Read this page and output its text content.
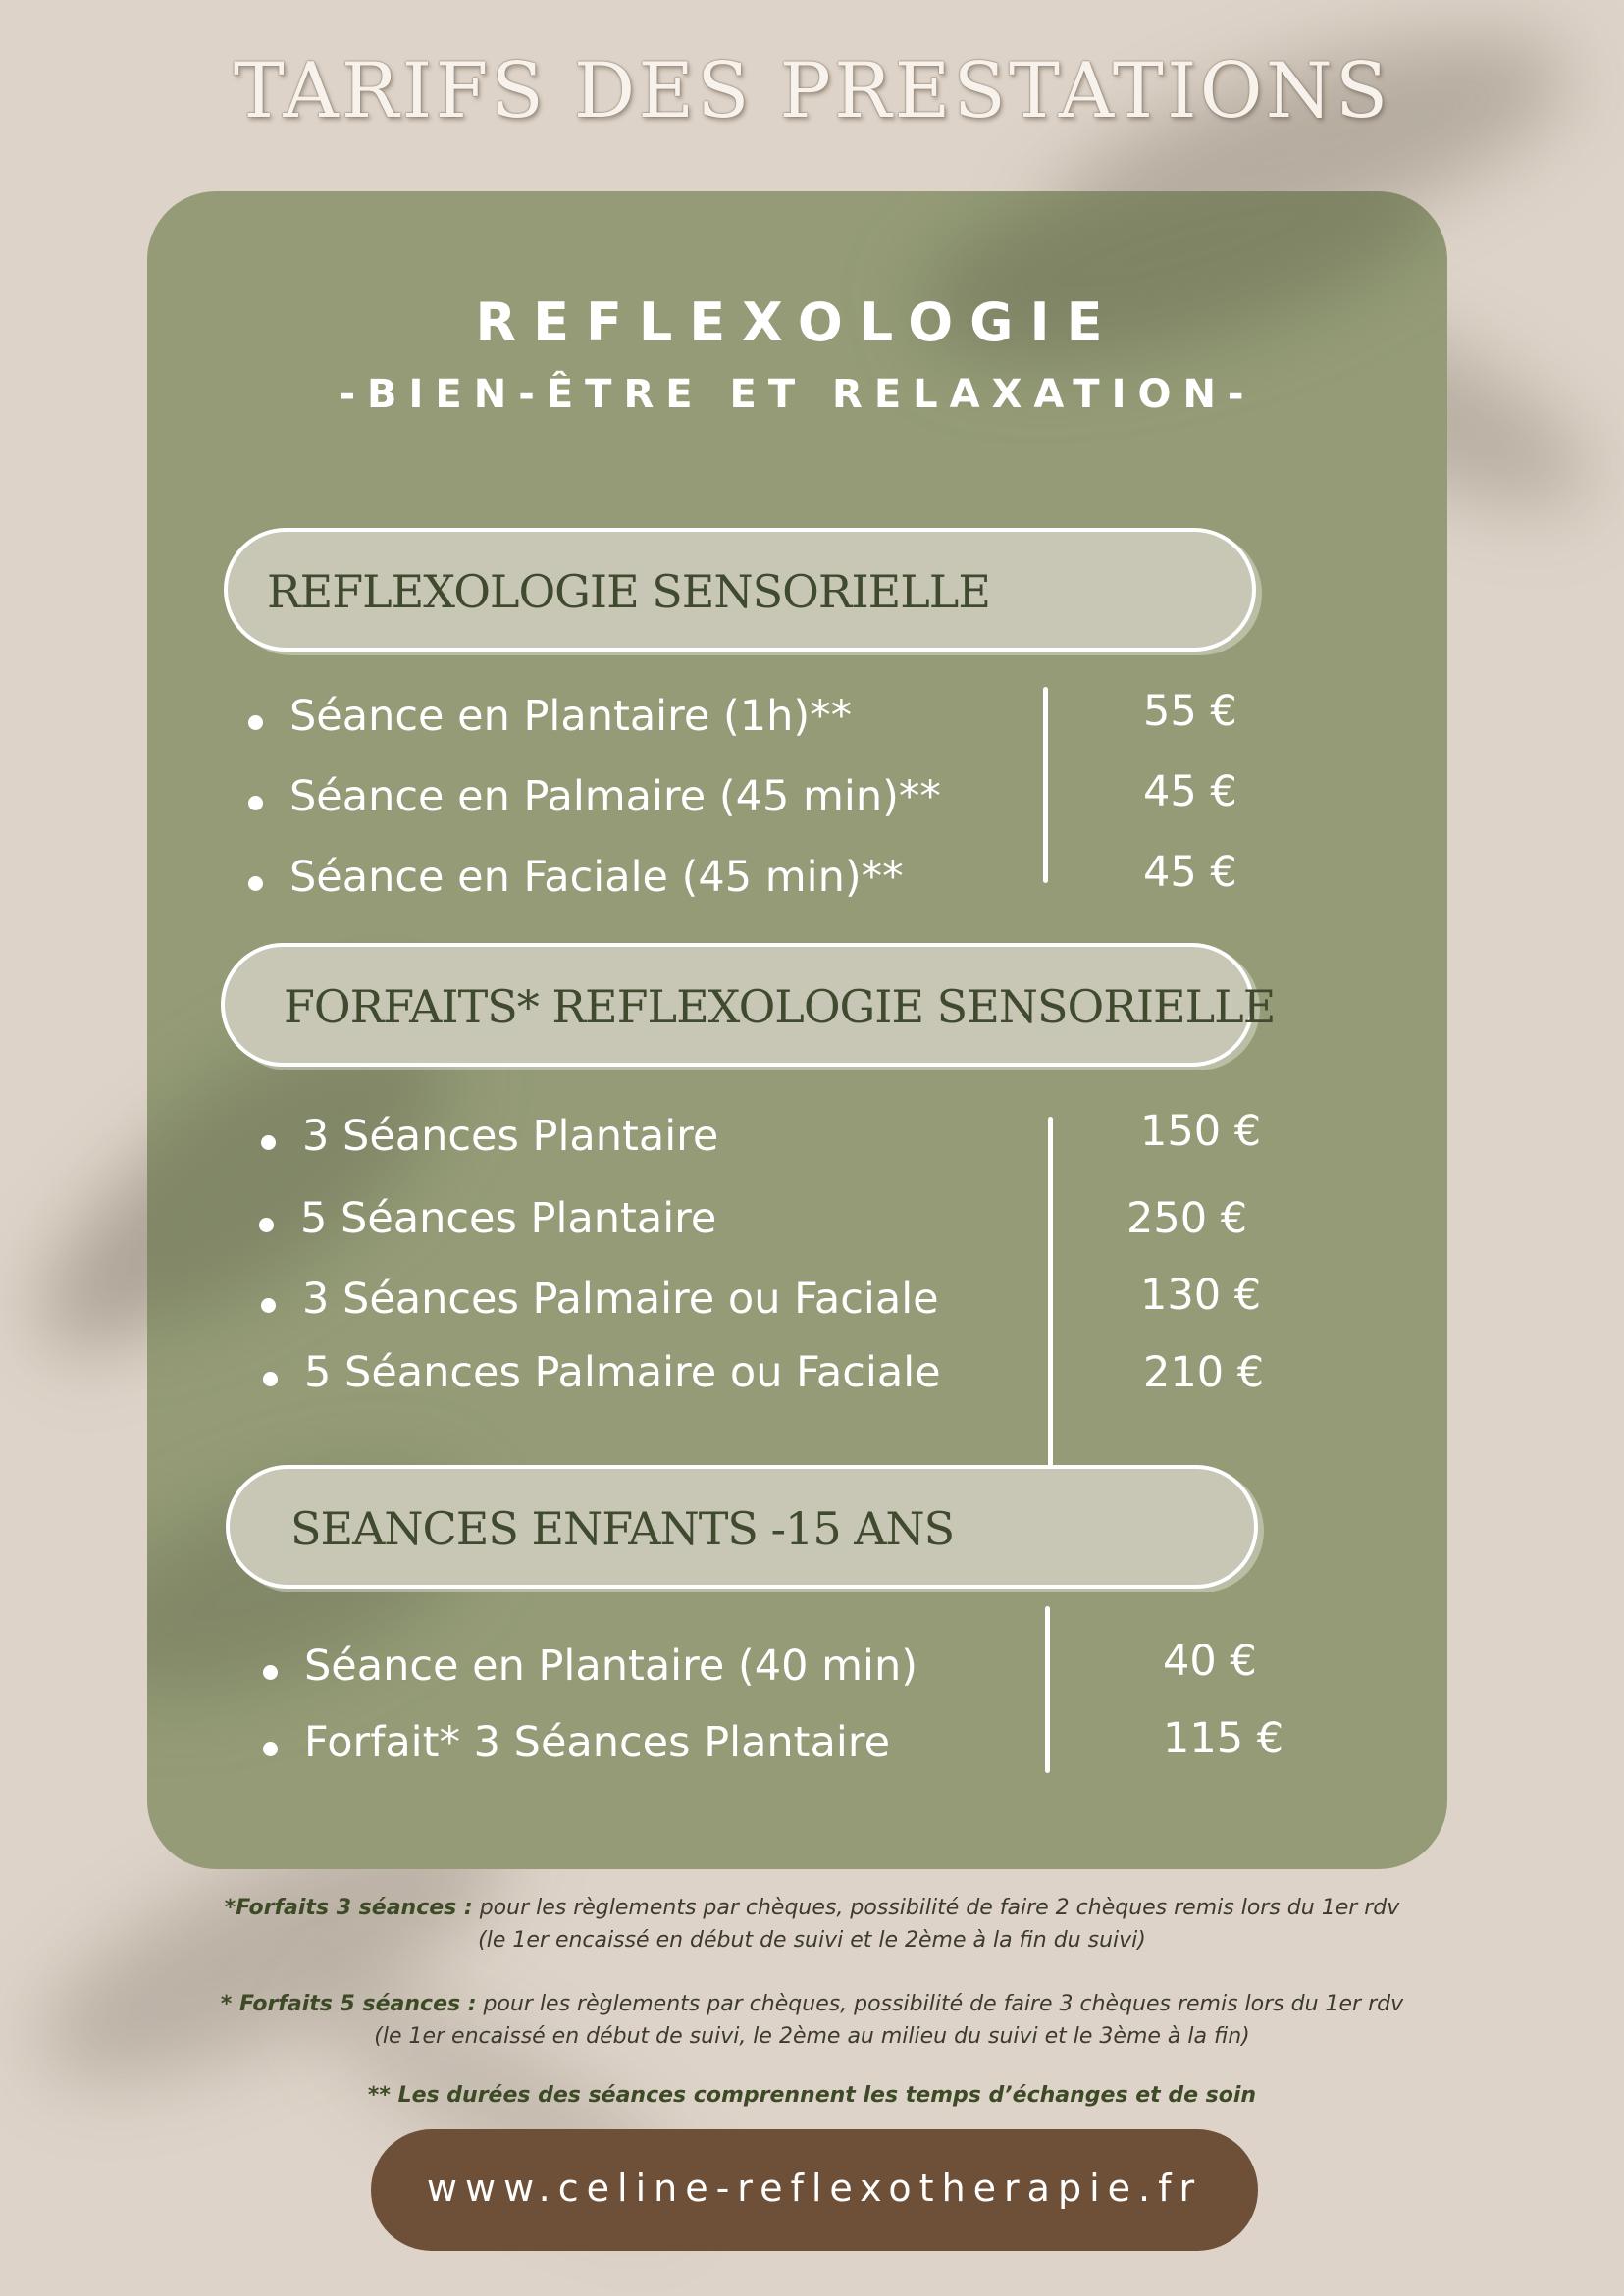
TARIFS DES PRESTATIONS
REFLEXOLOGIE
-BIEN-ÊTRE ET RELAXATION-
REFLEXOLOGIE SENSORIELLE
Séance en Plantaire (1h)**
Séance en Palmaire (45 min)**
Séance en Faciale (45 min)**
55 €
45 €
45 €
FORFAITS* REFLEXOLOGIE SENSORIELLE
3 Séances Plantaire
5 Séances Plantaire
3 Séances Palmaire ou Faciale
5 Séances Palmaire ou Faciale
150 €
250 €
130 €
210 €
SEANCES ENFANTS -15 ANS
Séance en Plantaire (40 min)
Forfait* 3 Séances Plantaire
40 €
115 €
*Forfaits 3 séances : pour les règlements par chèques, possibilité de faire 2 chèques remis lors du 1er rdv
(le 1er encaissé en début de suivi et le 2ème à la fin du suivi)
* Forfaits 5 séances : pour les règlements par chèques, possibilité de faire 3 chèques remis lors du 1er rdv
(le 1er encaissé en début de suivi, le 2ème au milieu du suivi et le 3ème à la fin)
** Les durées des séances comprennent les temps d’échanges et de soin
www.celine-reflexotherapie.fr
